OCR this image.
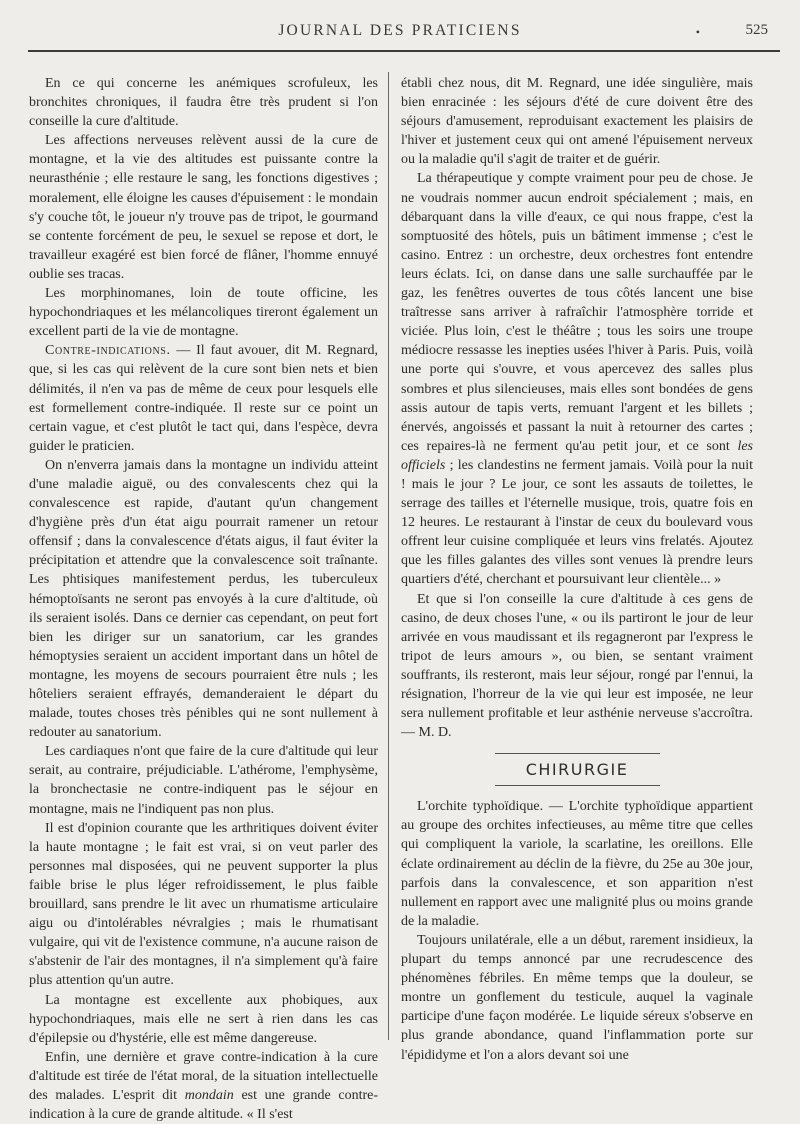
JOURNAL DES PRATICIENS	•	525

En ce qui concerne les anémiques scrofuleux, les bronchites chroniques, il faudra être très prudent si l'on conseille la cure d'altitude.

Les affections nerveuses relèvent aussi de la cure de montagne, et la vie des altitudes est puissante contre la neurasthénie ; elle restaure le sang, les fonctions digestives ; moralement, elle éloigne les causes d'épuisement : le mondain s'y couche tôt, le joueur n'y trouve pas de tripot, le gourmand se contente forcément de peu, le sexuel se repose et dort, le travailleur exagéré est bien forcé de flâner, l'homme ennuyé oublie ses tracas.

Les morphinomanes, loin de toute officine, les hypochondriaques et les mélancoliques tireront également un excellent parti de la vie de montagne.

Contre-indications. — Il faut avouer, dit M. Regnard, que, si les cas qui relèvent de la cure sont bien nets et bien délimités, il n'en va pas de même de ceux pour lesquels elle est formellement contre-indiquée. Il reste sur ce point un certain vague, et c'est plutôt le tact qui, dans l'espèce, devra guider le praticien.

On n'enverra jamais dans la montagne un individu atteint d'une maladie aiguë, ou des convalescents chez qui la convalescence est rapide, d'autant qu'un changement d'hygiène près d'un état aigu pourrait ramener un retour offensif ; dans la convalescence d'états aigus, il faut éviter la précipitation et attendre que la convalescence soit traînante. Les phtisiques manifestement perdus, les tuberculeux hémoptoïsants ne seront pas envoyés à la cure d'altitude, où ils seraient isolés. Dans ce dernier cas cependant, on peut fort bien les diriger sur un sanatorium, car les grandes hémoptysies seraient un accident important dans un hôtel de montagne, les moyens de secours pourraient être nuls ; les hôteliers seraient effrayés, demanderaient le départ du malade, toutes choses très pénibles qui ne sont nullement à redouter au sanatorium.

Les cardiaques n'ont que faire de la cure d'altitude qui leur serait, au contraire, préjudiciable. L'athérome, l'emphysème, la bronchectasie ne contre-indiquent pas le séjour en montagne, mais ne l'indiquent pas non plus.

Il est d'opinion courante que les arthritiques doivent éviter la haute montagne ; le fait est vrai, si on veut parler des personnes mal disposées, qui ne peuvent supporter la plus faible brise le plus léger refroidissement, le plus faible brouillard, sans prendre le lit avec un rhumatisme articulaire aigu ou d'intolérables névralgies ; mais le rhumatisant vulgaire, qui vit de l'existence commune, n'a aucune raison de s'abstenir de l'air des montagnes, il n'a simplement qu'à faire plus attention qu'un autre.

La montagne est excellente aux phobiques, aux hypochondriaques, mais elle ne sert à rien dans les cas d'épilepsie ou d'hystérie, elle est même dangereuse.

Enfin, une dernière et grave contre-indication à la cure d'altitude est tirée de l'état moral, de la situation intellectuelle des malades. L'esprit dit mondain est une grande contre-indication à la cure de grande altitude. « Il s'est

établi chez nous, dit M. Regnard, une idée singulière, mais bien enracinée : les séjours d'été de cure doivent être des séjours d'amusement, reproduisant exactement les plaisirs de l'hiver et justement ceux qui ont amené l'épuisement nerveux ou la maladie qu'il s'agit de traiter et de guérir.

La thérapeutique y compte vraiment pour peu de chose. Je ne voudrais nommer aucun endroit spécialement ; mais, en débarquant dans la ville d'eaux, ce qui nous frappe, c'est la somptuosité des hôtels, puis un bâtiment immense ; c'est le casino. Entrez : un orchestre, deux orchestres font entendre leurs éclats. Ici, on danse dans une salle surchauffée par le gaz, les fenêtres ouvertes de tous côtés lancent une bise traîtresse sans arriver à rafraîchir l'atmosphère torride et viciée. Plus loin, c'est le théâtre ; tous les soirs une troupe médiocre ressasse les inepties usées l'hiver à Paris. Puis, voilà une porte qui s'ouvre, et vous apercevez des salles plus sombres et plus silencieuses, mais elles sont bondées de gens assis autour de tapis verts, remuant l'argent et les billets ; énervés, angoissés et passant la nuit à retourner des cartes ; ces repaires-là ne ferment qu'au petit jour, et ce sont les officiels ; les clandestins ne ferment jamais. Voilà pour la nuit ! mais le jour ? Le jour, ce sont les assauts de toilettes, le serrage des tailles et l'éternelle musique, trois, quatre fois en 12 heures. Le restaurant à l'instar de ceux du boulevard vous offrent leur cuisine compliquée et leurs vins frelatés. Ajoutez que les filles galantes des villes sont venues là prendre leurs quartiers d'été, cherchant et poursuivant leur clientèle... »

Et que si l'on conseille la cure d'altitude à ces gens de casino, de deux choses l'une, « ou ils partiront le jour de leur arrivée en vous maudissant et ils regagneront par l'express le tripot de leurs amours », ou bien, se sentant vraiment souffrants, ils resteront, mais leur séjour, rongé par l'ennui, la résignation, l'horreur de la vie qui leur est imposée, ne leur sera nullement profitable et leur asthénie nerveuse s'accroîtra. — M. D.

CHIRURGIE

L'orchite typhoïdique. — L'orchite typhoïdique appartient au groupe des orchites infectieuses, au même titre que celles qui compliquent la variole, la scarlatine, les oreillons. Elle éclate ordinairement au déclin de la fièvre, du 25e au 30e jour, parfois dans la convalescence, et son apparition n'est nullement en rapport avec une malignité plus ou moins grande de la maladie.

Toujours unilatérale, elle a un début, rarement insidieux, la plupart du temps annoncé par une recrudescence des phénomènes fébriles. En même temps que la douleur, se montre un gonflement du testicule, auquel la vaginale participe d'une façon modérée. Le liquide séreux s'observe en plus grande abondance, quand l'inflammation porte sur l'épididyme et l'on a alors devant soi une
